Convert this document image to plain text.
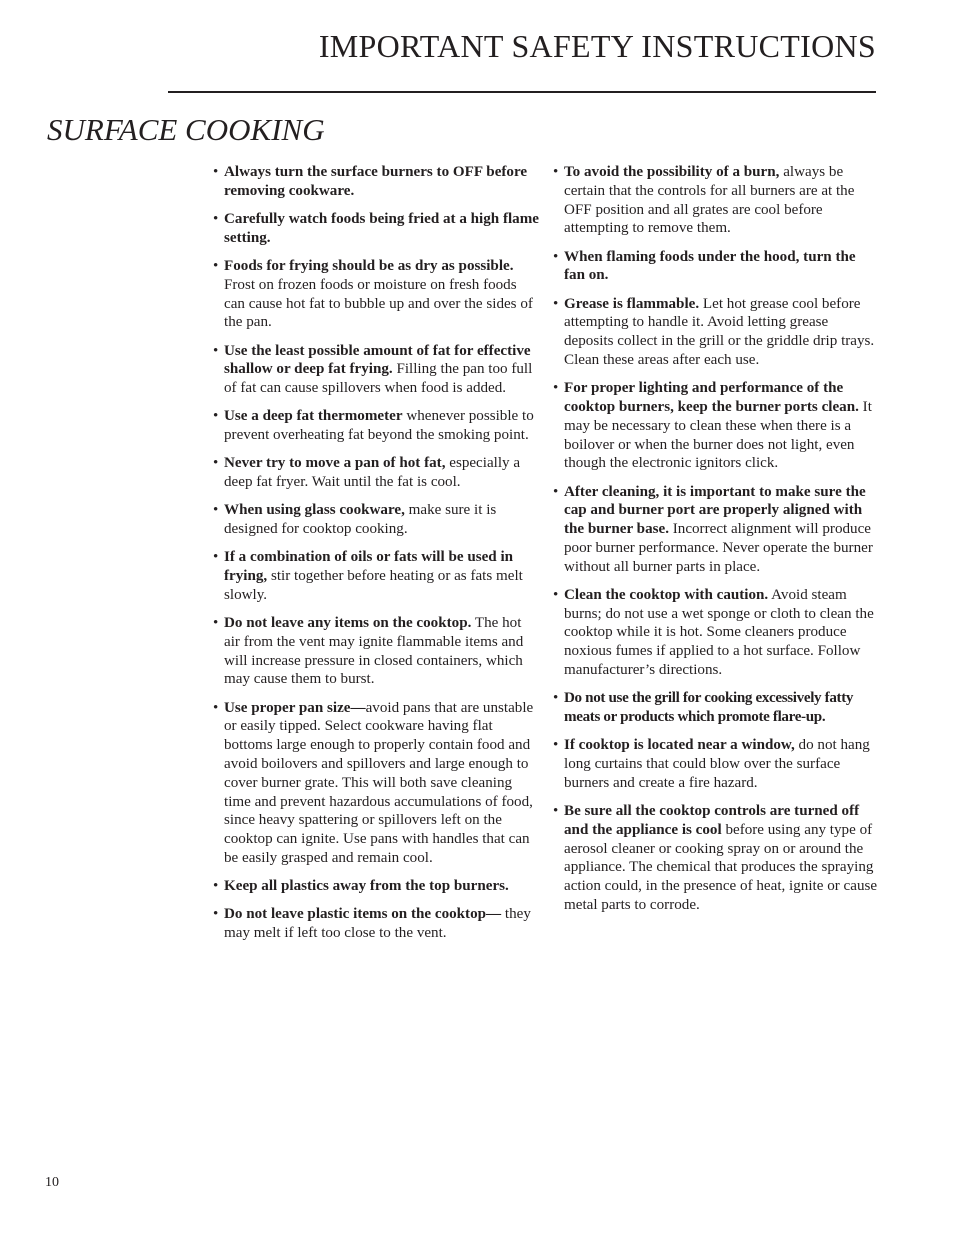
IMPORTANT SAFETY INSTRUCTIONS
SURFACE COOKING
• Always turn the surface burners to OFF before removing cookware.
• Carefully watch foods being fried at a high flame setting.
• Foods for frying should be as dry as possible. Frost on frozen foods or moisture on fresh foods can cause hot fat to bubble up and over the sides of the pan.
• Use the least possible amount of fat for effective shallow or deep fat frying. Filling the pan too full of fat can cause spillovers when food is added.
• Use a deep fat thermometer whenever possible to prevent overheating fat beyond the smoking point.
• Never try to move a pan of hot fat, especially a deep fat fryer. Wait until the fat is cool.
• When using glass cookware, make sure it is designed for cooktop cooking.
• If a combination of oils or fats will be used in frying, stir together before heating or as fats melt slowly.
• Do not leave any items on the cooktop. The hot air from the vent may ignite flammable items and will increase pressure in closed containers, which may cause them to burst.
• Use proper pan size—avoid pans that are unstable or easily tipped. Select cookware having flat bottoms large enough to properly contain food and avoid boilovers and spillovers and large enough to cover burner grate. This will both save cleaning time and prevent hazardous accumulations of food, since heavy spattering or spillovers left on the cooktop can ignite. Use pans with handles that can be easily grasped and remain cool.
• Keep all plastics away from the top burners.
• Do not leave plastic items on the cooktop— they may melt if left too close to the vent.
• To avoid the possibility of a burn, always be certain that the controls for all burners are at the OFF position and all grates are cool before attempting to remove them.
• When flaming foods under the hood, turn the fan on.
• Grease is flammable. Let hot grease cool before attempting to handle it. Avoid letting grease deposits collect in the grill or the griddle drip trays. Clean these areas after each use.
• For proper lighting and performance of the cooktop burners, keep the burner ports clean. It may be necessary to clean these when there is a boilover or when the burner does not light, even though the electronic ignitors click.
• After cleaning, it is important to make sure the cap and burner port are properly aligned with the burner base. Incorrect alignment will produce poor burner performance. Never operate the burner without all burner parts in place.
• Clean the cooktop with caution. Avoid steam burns; do not use a wet sponge or cloth to clean the cooktop while it is hot. Some cleaners produce noxious fumes if applied to a hot surface. Follow manufacturer’s directions.
• Do not use the grill for cooking excessively fatty meats or products which promote flare-up.
• If cooktop is located near a window, do not hang long curtains that could blow over the surface burners and create a fire hazard.
• Be sure all the cooktop controls are turned off and the appliance is cool before using any type of aerosol cleaner or cooking spray on or around the appliance. The chemical that produces the spraying action could, in the presence of heat, ignite or cause metal parts to corrode.
10
